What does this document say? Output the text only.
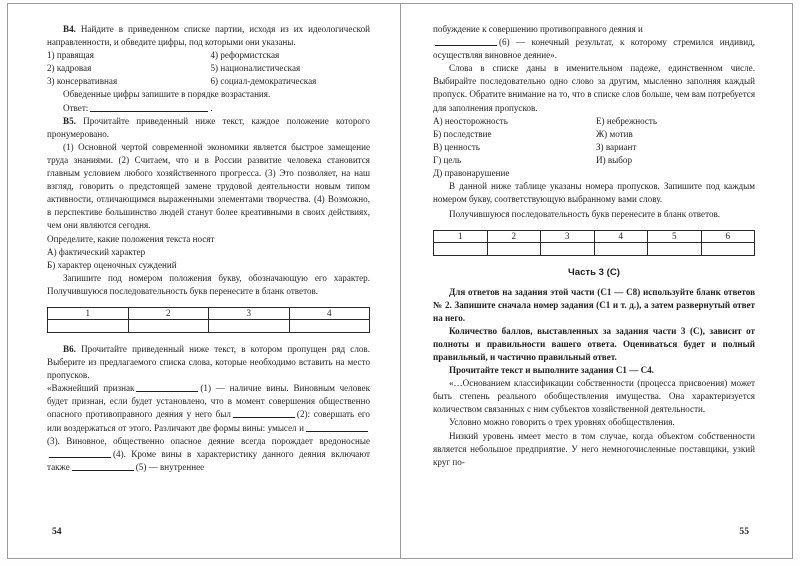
В4. Найдите в приведенном списке партии, исходя из их идеологической направленности, и обведите цифры, под которыми они указаны.

1) правящая	4) реформистская
2) кадровая	5) националистическая
3) консервативная	6) социал-демократическая

Обведенные цифры запишите в порядке возрастания.

Ответ:	.

В5. Прочитайте приведенный ниже текст, каждое положение которого пронумеровано.

(1) Основной чертой современной экономики является быстрое замещение труда знаниями. (2) Считаем, что и в России развитие человека становится главным условием любого хозяйственного прогресса. (3) Это позволяет, на наш взгляд, говорить о предстоящей замене трудовой деятельности новым типом активности, отличающимся выраженными элементами творчества. (4) Возможно, в перспективе большинство людей станут более креативными в своих действиях, чем они являются сегодня.

Определите, какие положения текста носят

А) фактический характер

Б) характер оценочных суждений

Запишите под номером положения букву, обозначающую его характер. Получившуюся последовательность букв перенесите в бланк ответов.

1	2	3	4

В6. Прочитайте приведенный ниже текст, в котором пропущен ряд слов. Выберите из предлагаемого списка слова, которые необходимо вставить на место пропусков.

«Важнейший признак	(1) — наличие вины. Виновным человек будет признан, если будет установлено, что в момент совершения общественно опасного противоправного деяния у него был	(2): совершать его или воздержаться от этого. Различают две формы вины: умысел и(3). Виновное, общественно опасное деяние всегда порождает вредоносные(4). Кроме вины в характеристику данного деяния включают также	(5) — внутреннее

54

побуждение к совершению противоправного деяния и

(6) — конечный результат, к которому стремился индивид, осуществляя виновное деяние».

Слова в списке даны в именительном падеже, единственном числе. Выбирайте последовательно одно слово за другим, мысленно заполняя каждый пропуск. Обратите внимание на то, что в списке слов больше, чем вам потребуется для заполнения пропусков.

А) неосторожность	Е) небрежность
Б) последствие	Ж) мотив
В) ценность	З) вариант
Г) цель	И) выбор
Д) правонарушение

В данной ниже таблице указаны номера пропусков. Запишите под каждым номером букву, соответствующую выбранному вами слову.

Получившуюся последовательность букв перенесите в бланк ответов.

1	2	3	4	5	6

Часть 3 (С)

Для ответов на задания этой части (С1 — С8) используйте бланк ответов № 2. Запишите сначала номер задания (С1 и т. д.), а затем развернутый ответ на него.

Количество баллов, выставленных за задания части 3 (С), зависит от полноты и правильности вашего ответа. Оцениваться будет и полный правильный, и частично правильный ответ.

Прочитайте текст и выполните задания С1 — С4.

«…Основанием классификации собственности (процесса присвоения) может быть степень реального обобществления имущества. Она характеризуется количеством связанных с ним субъектов хозяйственной деятельности.

Условно можно говорить о трех уровнях обобществления.

Низкий уровень имеет место в том случае, когда объектом собственности является небольшое предприятие. У него немногочисленные поставщики, узкий круг по-

55
